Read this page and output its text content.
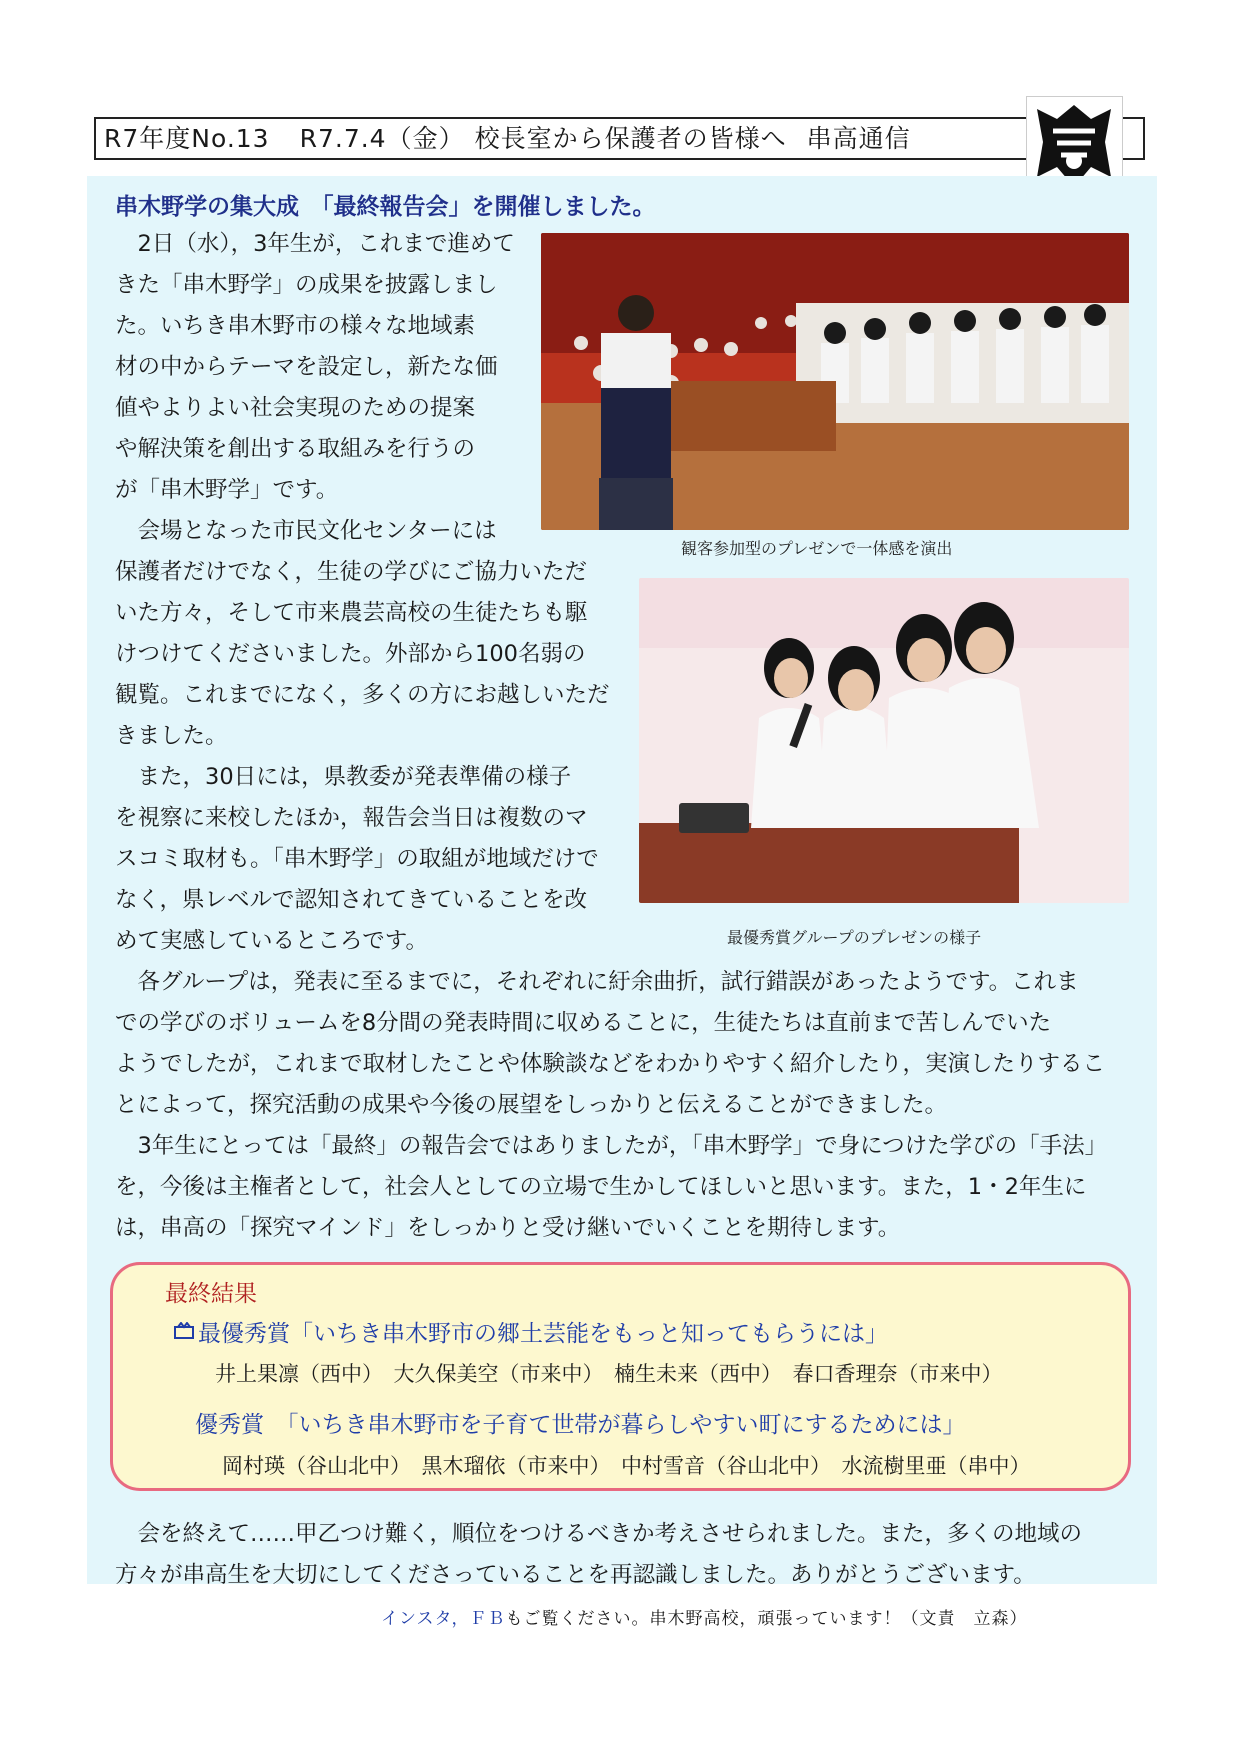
R7年度No.13 R7.7.4（金） 校長室から保護者の皆様へ 串高通信
串木野学の集大成　「最終報告会」を開催しました。
観客参加型のプレゼンで一体感を演出
最優秀賞グループのプレゼンの様子
　2日（水），3年生が，これまで進めて
きた「串木野学」の成果を披露しまし
た。いちき串木野市の様々な地域素
材の中からテーマを設定し，新たな価
値やよりよい社会実現のための提案
や解決策を創出する取組みを行うの
が「串木野学」です。
　会場となった市民文化センターには
保護者だけでなく，生徒の学びにご協力いただ
いた方々，そして市来農芸高校の生徒たちも駆
けつけてくださいました。外部から100名弱の
観覧。これまでになく，多くの方にお越しいただ
きました。
　また，30日には，県教委が発表準備の様子
を視察に来校したほか，報告会当日は複数のマ
スコミ取材も。「串木野学」の取組が地域だけで
なく，県レベルで認知されてきていることを改
めて実感しているところです。
　各グループは，発表に至るまでに，それぞれに紆余曲折，試行錯誤があったようです。これま
での学びのボリュームを8分間の発表時間に収めることに，生徒たちは直前まで苦しんでいた
ようでしたが，これまで取材したことや体験談などをわかりやすく紹介したり，実演したりするこ
とによって，探究活動の成果や今後の展望をしっかりと伝えることができました。
　3年生にとっては「最終」の報告会ではありましたが，「串木野学」で身につけた学びの「手法」
を，今後は主権者として，社会人としての立場で生かしてほしいと思います。また，1・2年生に
は，串高の「探究マインド」をしっかりと受け継いでいくことを期待します。
最終結果
最優秀賞「いちき串木野市の郷土芸能をもっと知ってもらうには」
井上果凛（西中）　大久保美空（市来中）　楠生未来（西中）　春口香理奈（市来中）
優秀賞　「いちき串木野市を子育て世帯が暮らしやすい町にするためには」
岡村瑛（谷山北中）　黒木瑠依（市来中）　中村雪音（谷山北中）　水流樹里亜（串中）
　会を終えて……甲乙つけ難く，順位をつけるべきか考えさせられました。また，多くの地域の
方々が串高生を大切にしてくださっていることを再認識しました。ありがとうございます。
インスタ，ＦＢもご覧ください。串木野高校，頑張っています！（文責　立森）
